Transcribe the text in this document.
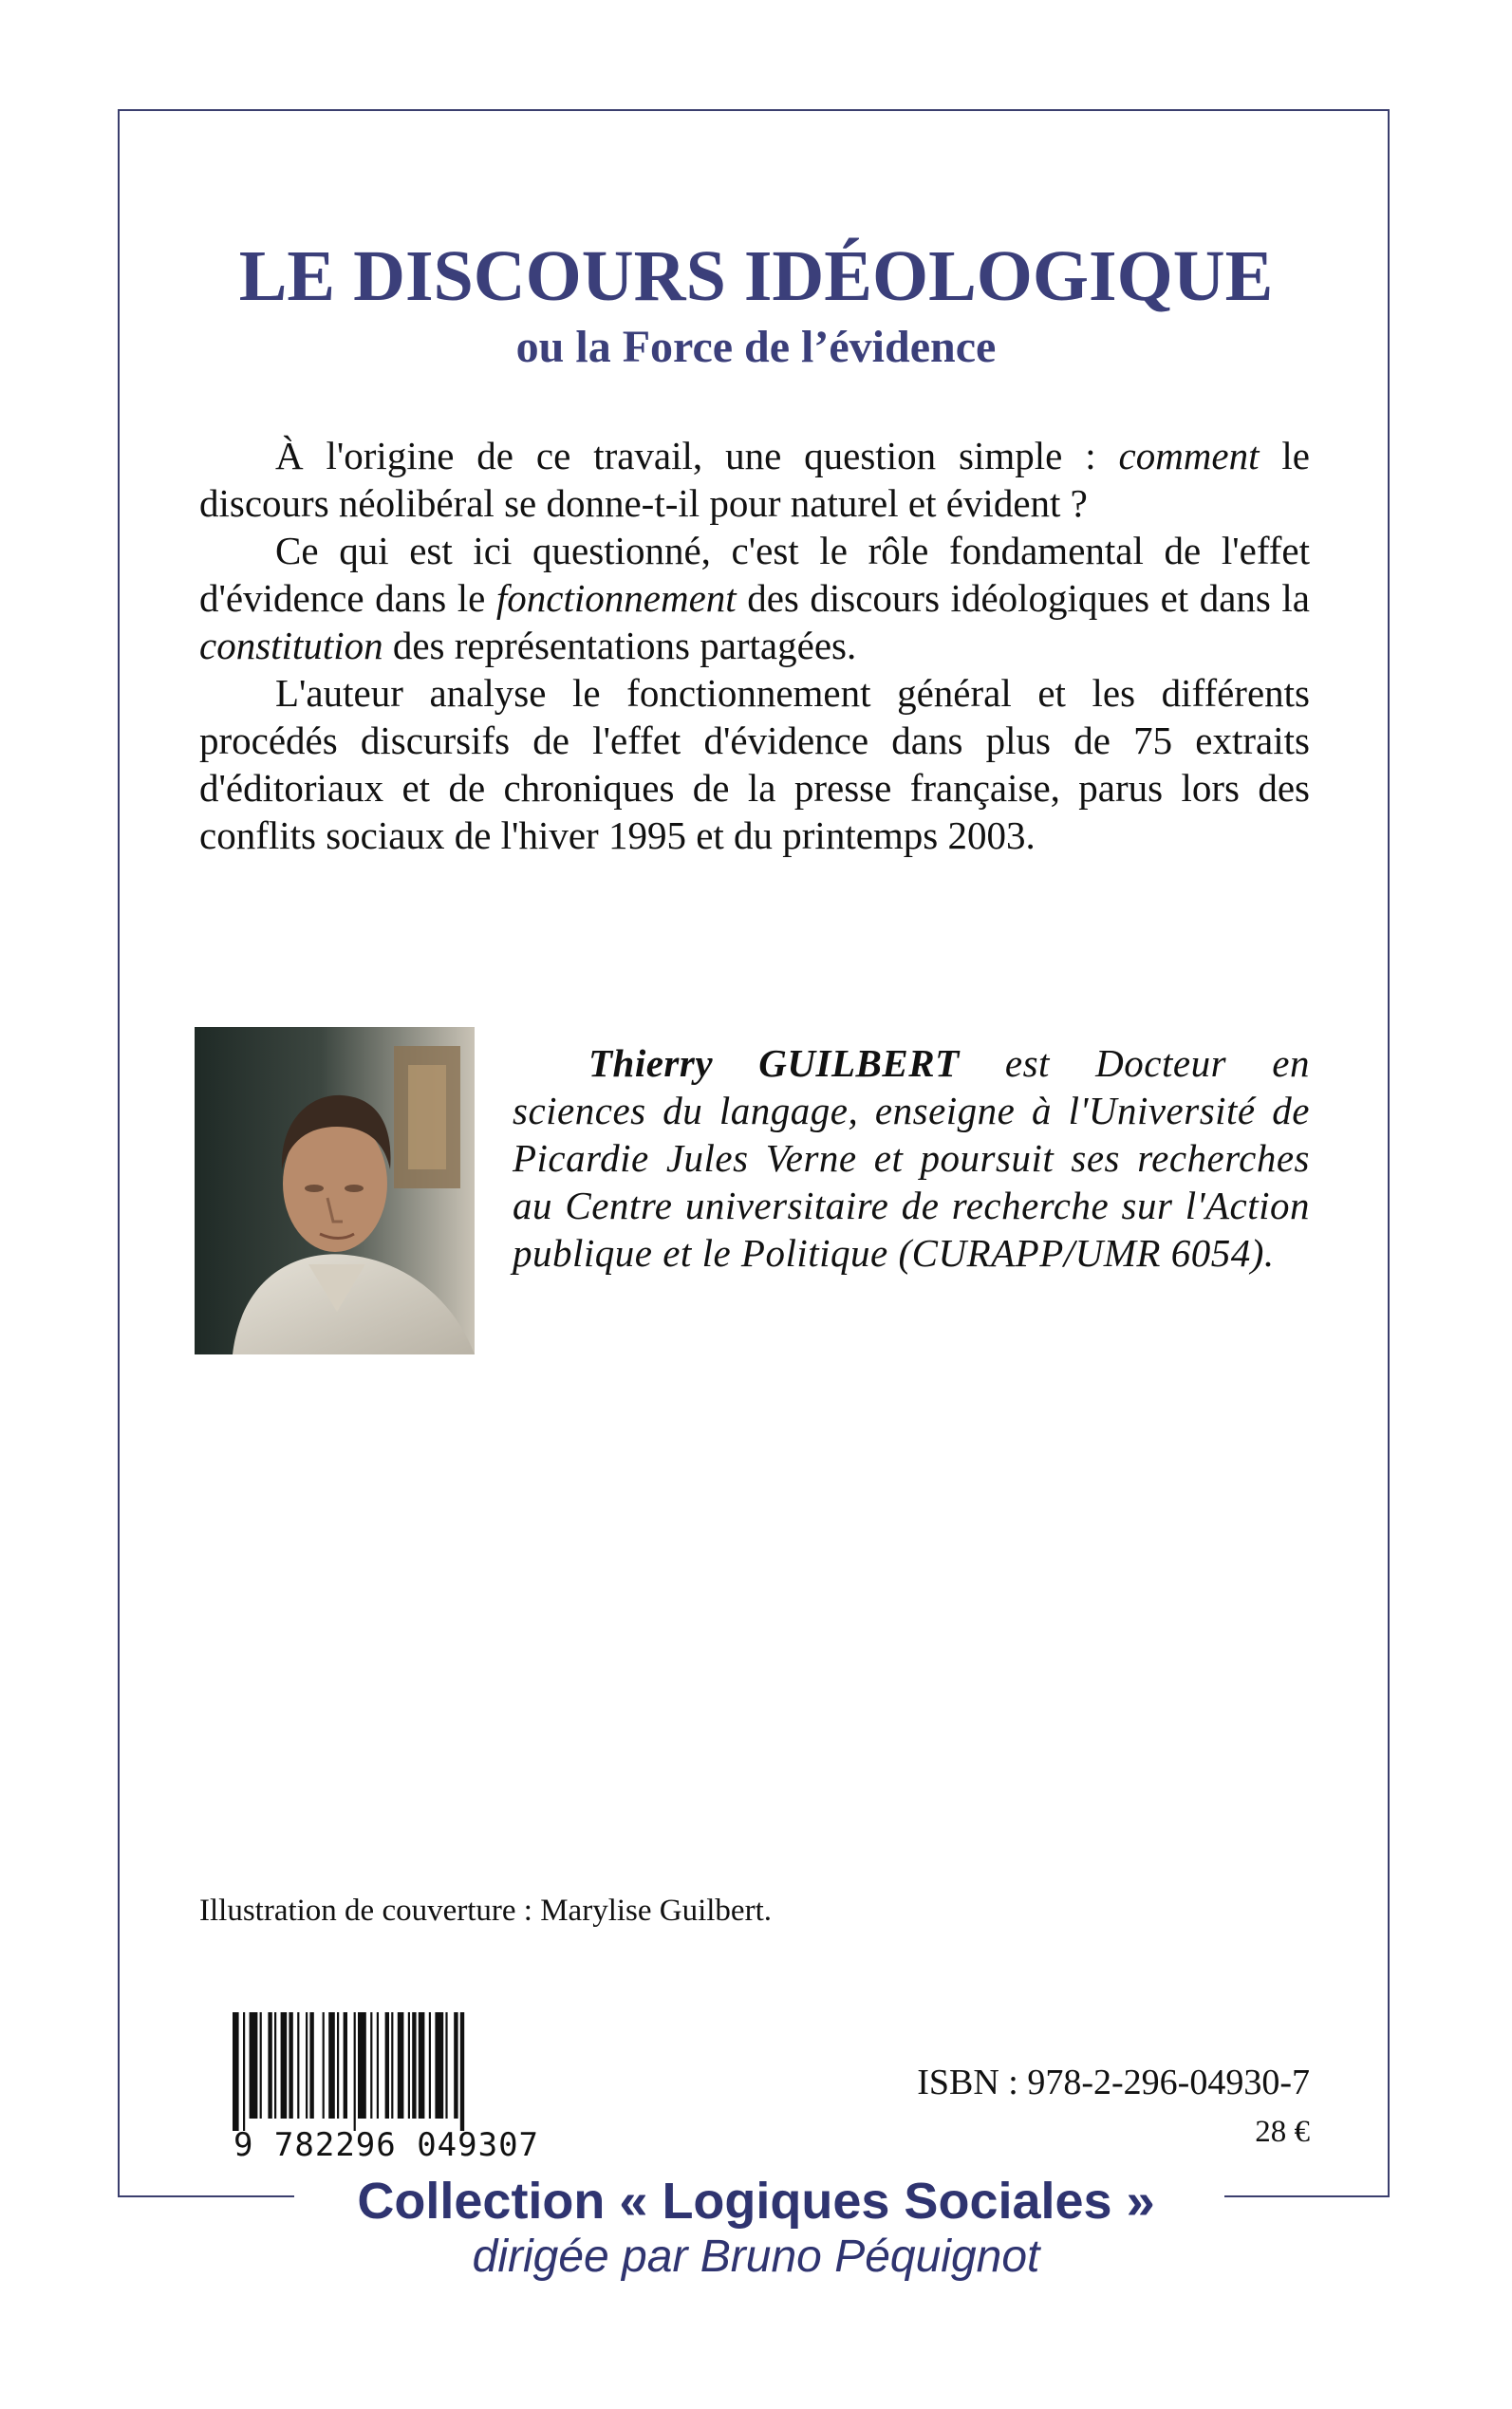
LE DISCOURS IDÉOLOGIQUE
ou la Force de l’évidence

À l'origine de ce travail, une question simple : comment le discours néolibéral se donne-t-il pour naturel et évident ?

Ce qui est ici questionné, c'est le rôle fondamental de l'effet d'évidence dans le fonctionnement des discours idéologiques et dans la constitution des représentations partagées.

L'auteur analyse le fonctionnement général et les différents procédés discursifs de l'effet d'évidence dans plus de 75 extraits d'éditoriaux et de chroniques de la presse française, parus lors des conflits sociaux de l'hiver 1995 et du printemps 2003.

Thierry GUILBERT est Docteur en sciences du langage, enseigne à l'Université de Picardie Jules Verne et poursuit ses recherches au Centre universitaire de recherche sur l'Action publique et le Politique (CURAPP/UMR 6054).
Illustration de couverture : Marylise Guilbert.
9 782296 049307
ISBN : 978-2-296-04930-7
28 €
Collection « Logiques Sociales »
dirigée par Bruno Péquignot
